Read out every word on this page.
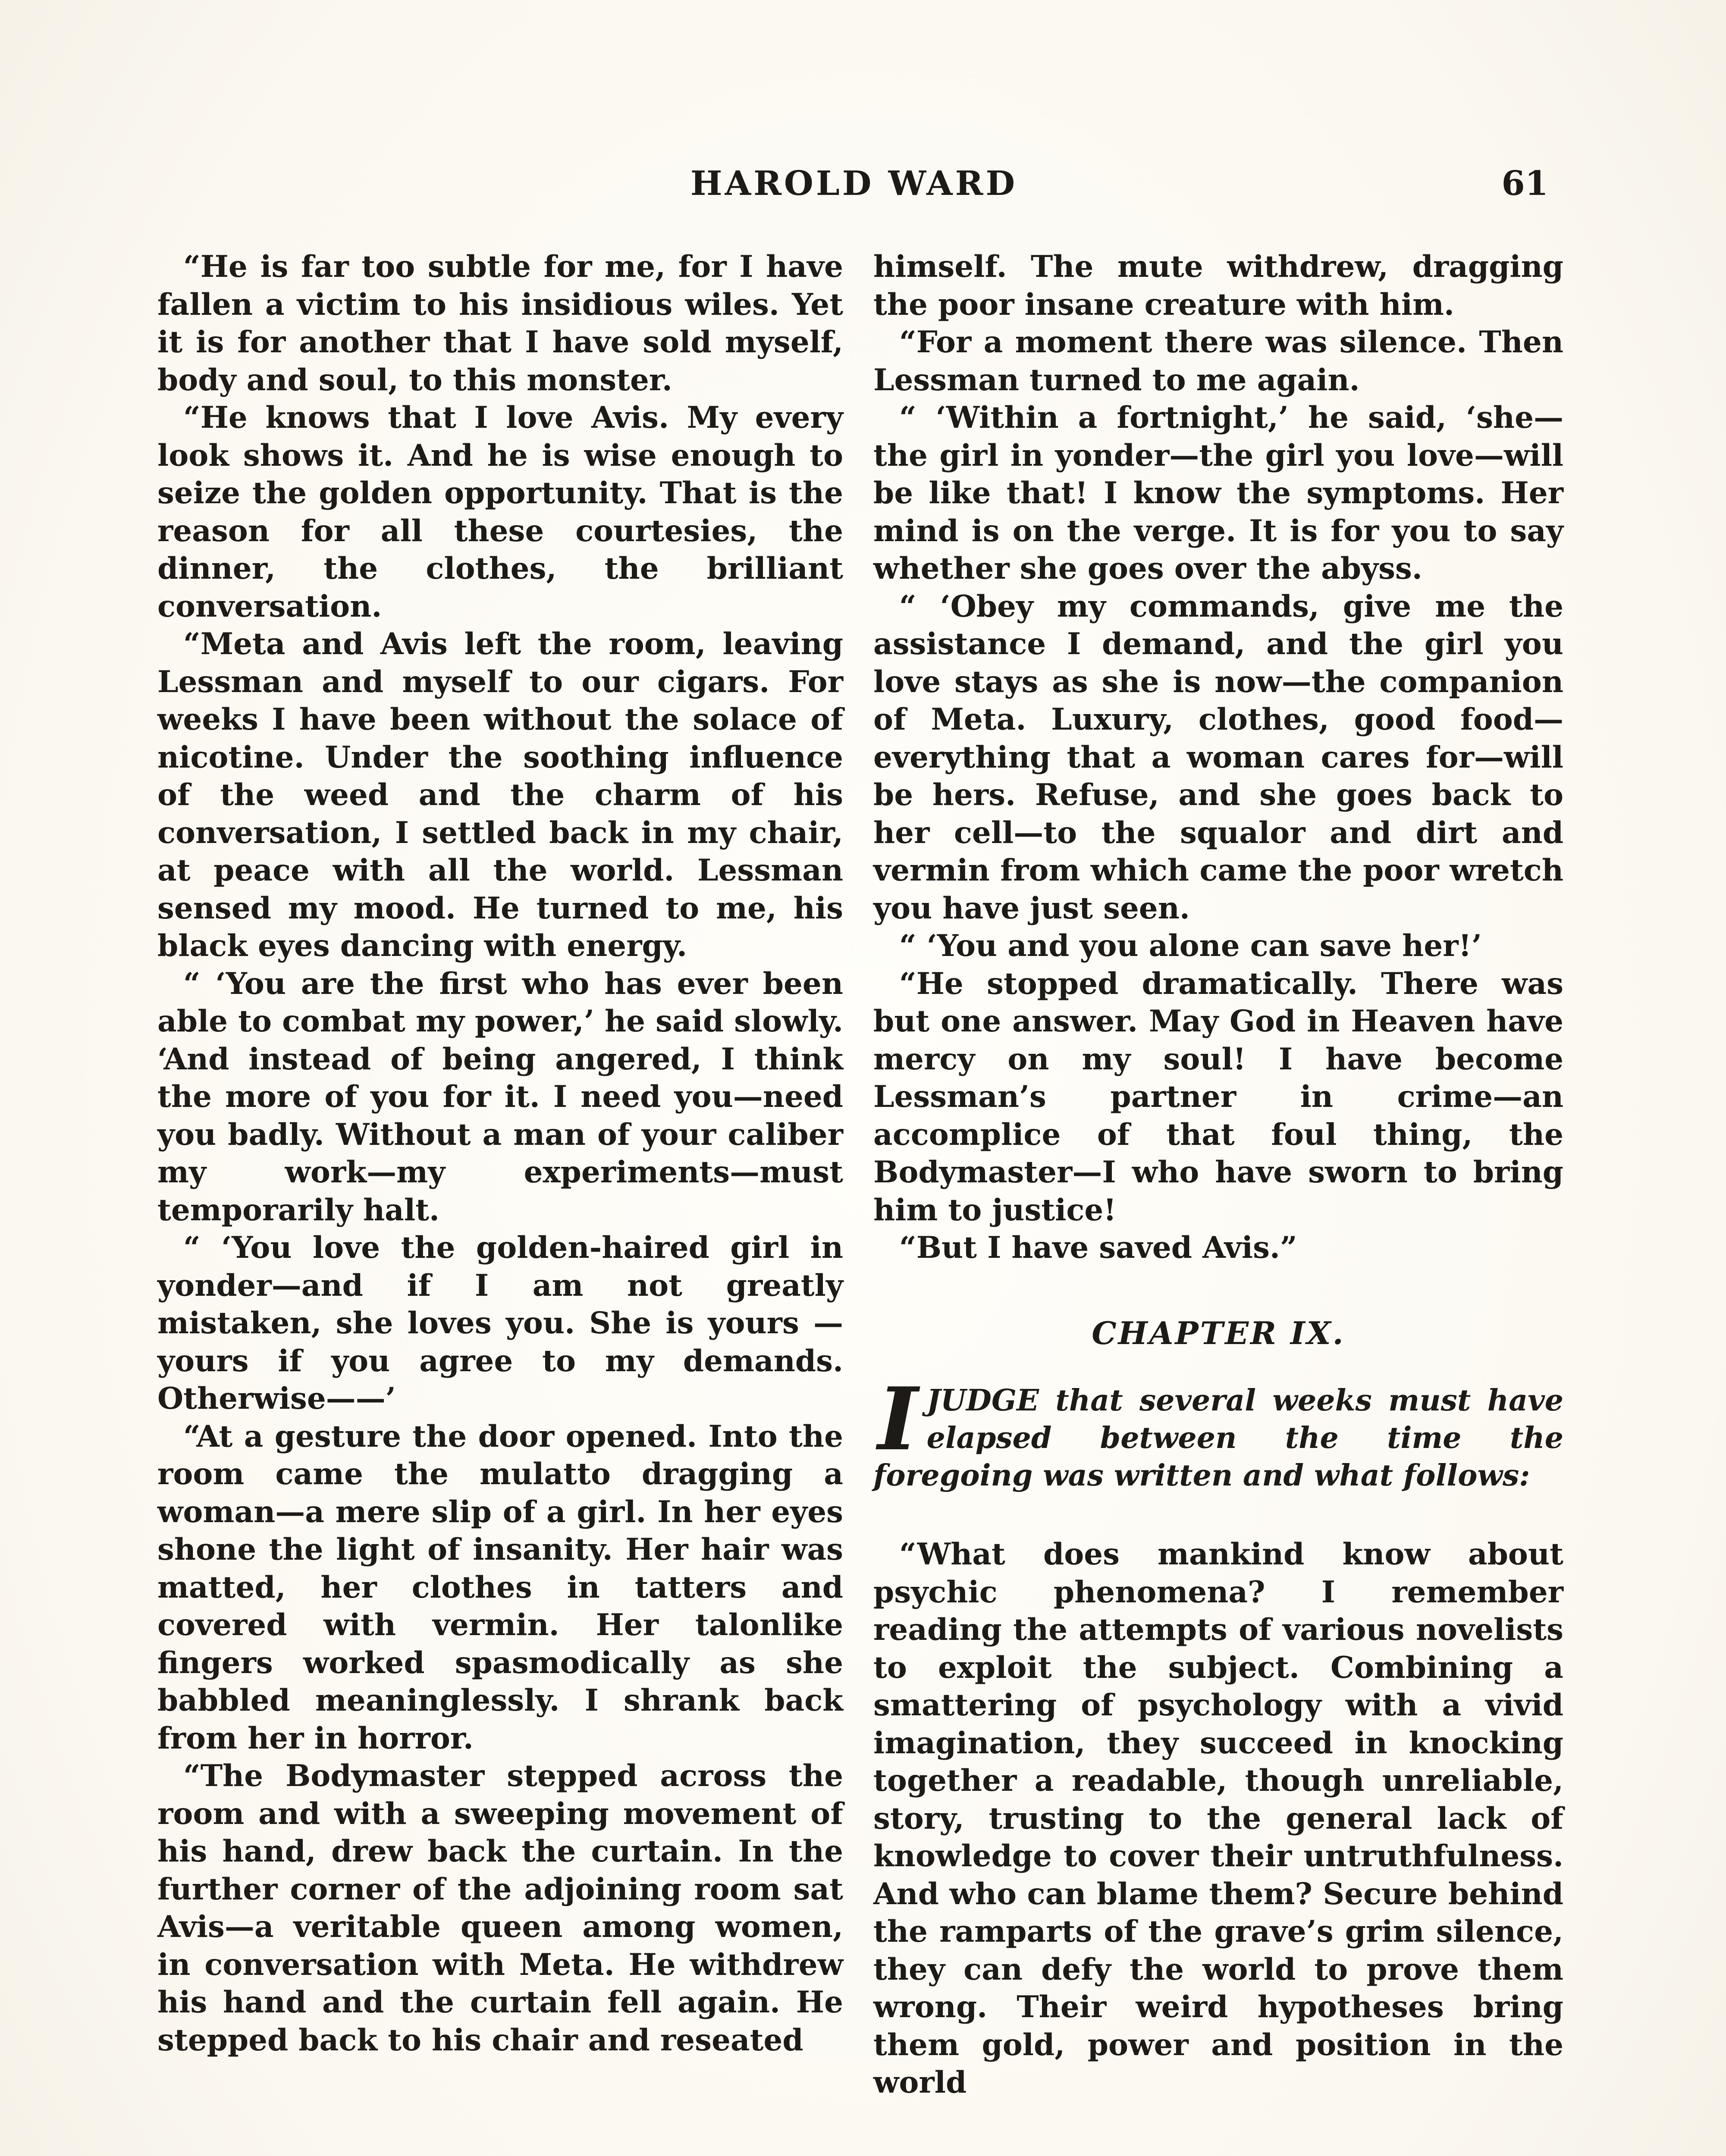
HAROLD WARD	61

“He is far too subtle for me, for I have fallen a victim to his insidious wiles. Yet it is for another that I have sold myself, body and soul, to this monster.

“He knows that I love Avis. My every look shows it. And he is wise enough to seize the golden opportunity. That is the reason for all these courtesies, the dinner, the clothes, the brilliant conversation.

“Meta and Avis left the room, leaving Lessman and myself to our cigars. For weeks I have been without the solace of nicotine. Under the soothing influence of the weed and the charm of his conversation, I settled back in my chair, at peace with all the world. Lessman sensed my mood. He turned to me, his black eyes dancing with energy.

“ ‘You are the first who has ever been able to combat my power,’ he said slowly. ‘And instead of being angered, I think the more of you for it. I need you—need you badly. Without a man of your caliber my work—my experiments—must temporarily halt.

“ ‘You love the golden-haired girl in yonder—and if I am not greatly mistaken, she loves you. She is yours —yours if you agree to my demands. Otherwise——’

“At a gesture the door opened. Into the room came the mulatto dragging a woman—a mere slip of a girl. In her eyes shone the light of insanity. Her hair was matted, her clothes in tatters and covered with vermin. Her talonlike fingers worked spasmodically as she babbled meaninglessly. I shrank back from her in horror.

“The Bodymaster stepped across the room and with a sweeping movement of his hand, drew back the curtain. In the further corner of the adjoining room sat Avis—a veritable queen among women, in conversation with Meta. He withdrew his hand and the curtain fell again. He stepped back to his chair and reseated

himself. The mute withdrew, dragging the poor insane creature with him.

“For a moment there was silence. Then Lessman turned to me again.

“ ‘Within a fortnight,’ he said, ‘she—the girl in yonder—the girl you love—will be like that! I know the symptoms. Her mind is on the verge. It is for you to say whether she goes over the abyss.

“ ‘Obey my commands, give me the assistance I demand, and the girl you love stays as she is now—the companion of Meta. Luxury, clothes, good food—everything that a woman cares for—will be hers. Refuse, and she goes back to her cell—to the squalor and dirt and vermin from which came the poor wretch you have just seen.

“ ‘You and you alone can save her!’

“He stopped dramatically. There was but one answer. May God in Heaven have mercy on my soul! I have become Lessman’s partner in crime—an accomplice of that foul thing, the Bodymaster—I who have sworn to bring him to justice!

“But I have saved Avis.”

CHAPTER IX.
I JUDGE that several weeks must have elapsed between the time the foregoing was written and what follows:

“What does mankind know about psychic phenomena? I remember reading the attempts of various novelists to exploit the subject. Combining a smattering of psychology with a vivid imagination, they succeed in knocking together a readable, though unreliable, story, trusting to the general lack of knowledge to cover their untruthfulness. And who can blame them? Secure behind the ramparts of the grave’s grim silence, they can defy the world to prove them wrong. Their weird hypotheses bring them gold, power and position in the world
